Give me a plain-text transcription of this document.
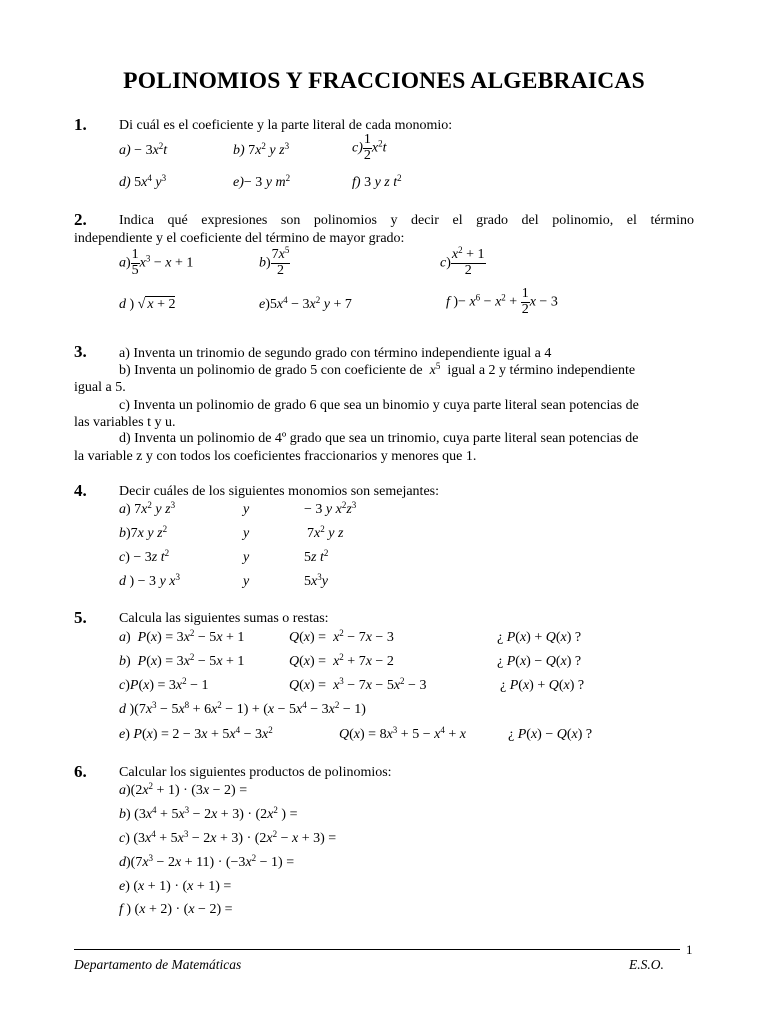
POLINOMIOS Y FRACCIONES ALGEBRAICAS
1. Di cuál es el coeficiente y la parte literal de cada monomio:
$a) - 3x^2t$	b) $7x^2$ y $z^3$	$c) \frac{1}{2} x^2t$
d) $5x^4$ $y^3$	e)− 3 y $m^2$	f) 3 y z $t^2$
2. Indica qué expresiones son polinomios y decir el grado del polinomio, el término
independiente y el coeficiente del término de mayor grado:
$a) \frac{1}{5} x^3 - x + 1$	$b) \frac{7x^5}{2}$	$c) \frac{x^2 + 1}{2}$
d ) √ x + 2	$e)5x^4 - 3x^2$ y + 7	f )− $x^6 - x^2 + \frac{1}{2}$ x − 3
3. a) Inventa un trinomio de segundo grado con término independiente igual a 4
b) Inventa un polinomio de grado 5 con coeficiente de $x^5$ igual a 2 y término independiente
igual a 5.
c) Inventa un polinomio de grado 6 que sea un binomio y cuya parte literal sean potencias de
las variables t y u.
d) Inventa un polinomio de 4º grado que sea un trinomio, cuya parte literal sean potencias de
la variable z y con todos los coeficientes fraccionarios y menores que 1.
4. Decir cuáles de los siguientes monomios son semejantes:
a) $7x^2$ y $z^3$	y	− 3 y $x^2z^3$
b)7x y $z^2$	y	$7x^2$ y z
c) − 3z $t^2$	y	5z $t^2$
d ) − 3 y $x^3$	y	$5x^3y$
5. Calcula las siguientes sumas o restas:
a)  $P(x) = 3x^2 - 5x + 1$	$Q(x) = x^2 - 7x - 3$	¿ P(x) + Q(x) ?
b)  $P(x) = 3x^2 - 5x + 1$	$Q(x) = x^2 + 7x - 2$	¿ P(x) − Q(x) ?
$c)P(x) = 3x^2 - 1$	$Q(x) = x^3 - 7x - 5x^2 - 3$	¿ P(x) + Q(x) ?
d )$(7x^3 - 5x^8 + 6x^2 - 1) + (x - 5x^4 - 3x^2 - 1)$
e) $P(x) = 2 - 3x + 5x^4 - 3x^2$	$Q(x) = 8x^3 + 5 - x^4 + x$	¿ P(x) − Q(x) ?
6. Calcular los siguientes productos de polinomios:
$a)(2x^2 + 1) \cdot (3x - 2)$ =
b) $(3x^4 + 5x^3 - 2x + 3) \cdot (2x^2$ ) =
c) $(3x^4 + 5x^3 - 2x + 3) \cdot (2x^2 - x + 3)$ =
$d)(7x^3 - 2x + 11) \cdot (-3x^2 - 1)$ =
e) (x + 1) · (x + 1) =
f ) (x + 2) · (x − 2) =
1
Departamento de Matemáticas	E.S.O.
